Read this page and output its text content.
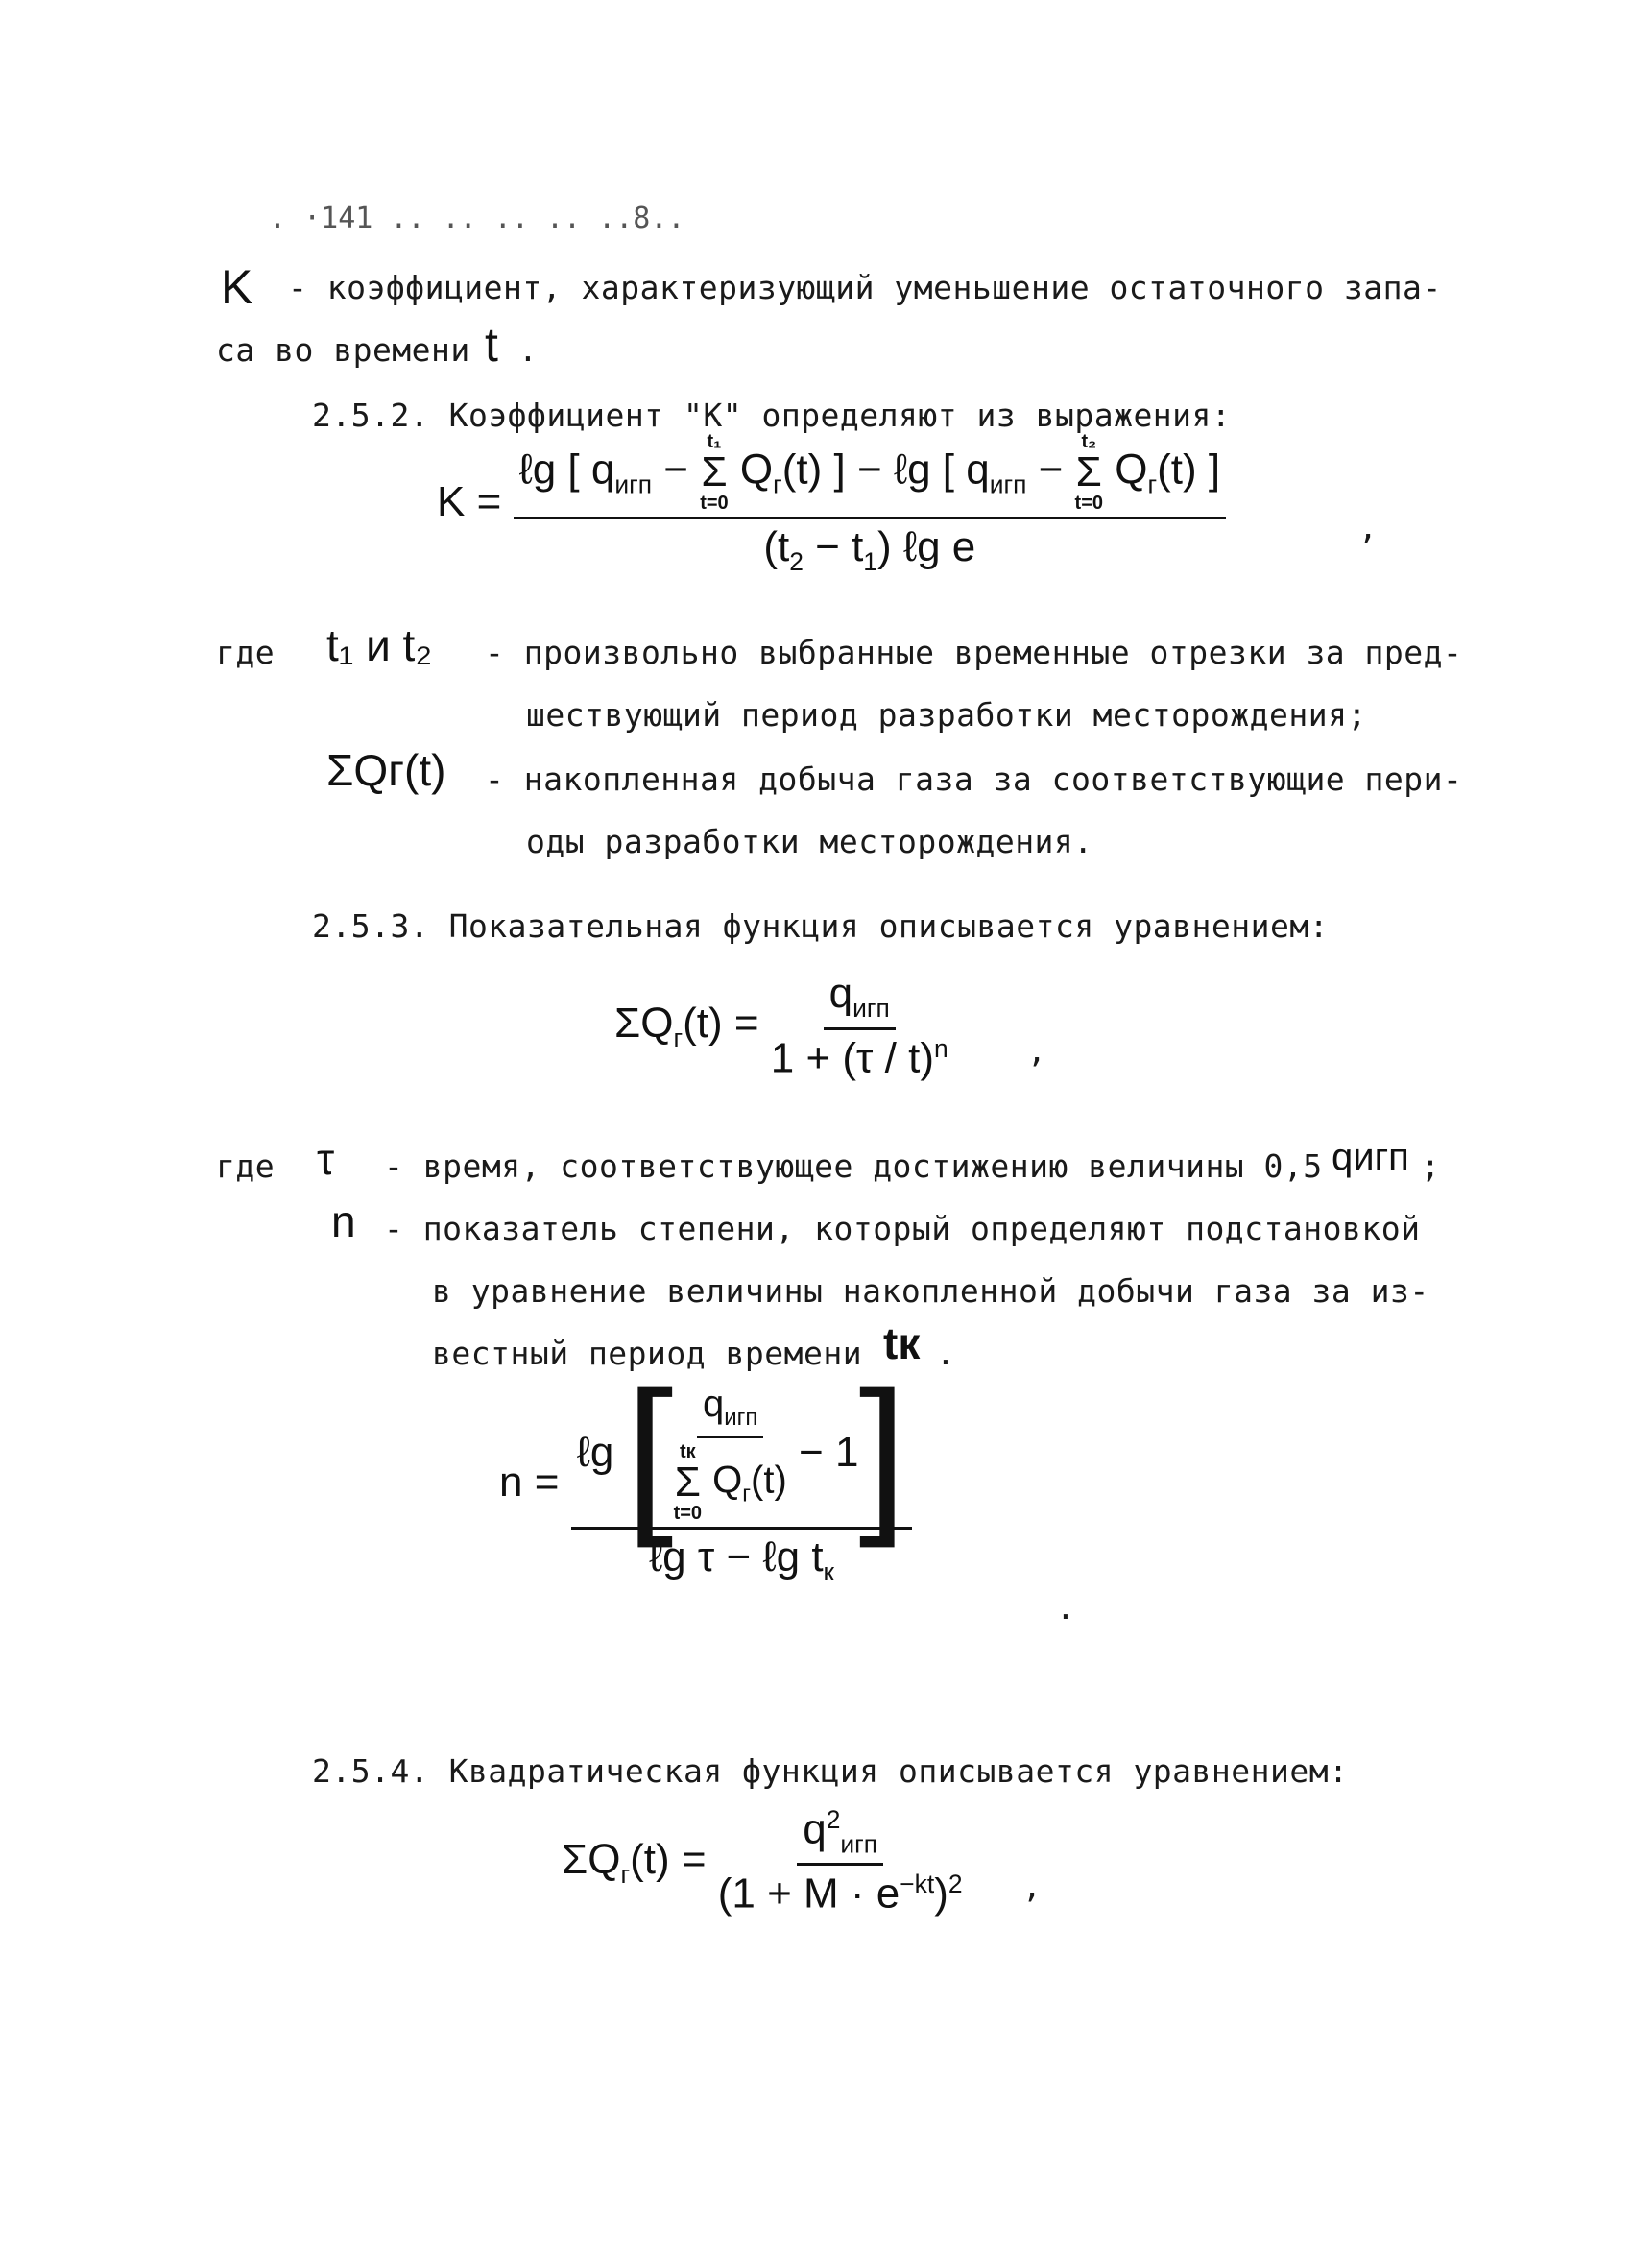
. ·141 .. .. .. .. ..8..
K - коэффициент, характеризующий уменьшение остаточного запа-
са во времени t .
2.5.2. Коэффициент "К" определяют из выражения:
K =
ℓg [ $q_{игп}$ −
t₁
Σ
t=0
$Q_г(t)$ ] − ℓg [ $q_{игп}$ −
t₂
Σ
t=0
$Q_г(t)$ ]
$(t_2 - t_1)$ ℓg e	,
где t₁ и t₂ - произвольно выбранные временные отрезки за пред-
шествующий период разработки месторождения;
ΣQг(t) - накопленная добыча газа за соответствующие пери-
оды разработки месторождения.
2.5.3. Показательная функция описывается уравнением:
$\Sigma Q_г(t) = \frac{q_{игп}}{1 + (\tau / t)^n}$ ,
где τ - время, соответствующее достижению величины 0,5 qигп ;
n - показатель степени, который определяют подстановкой
в уравнение величины накопленной добычи газа за из-
вестный период времени tк .
n =
ℓg [ $q_{игп}$
tк
Σ
t=0
$Q_г(t) - 1$ ]
ℓg τ − ℓg $t_к$
.
2.5.4. Квадратическая функция описывается уравнением:
$\Sigma Q_г(t) = \frac{q^2_{игп}}{(1 + M \cdot e^{-kt})^2}$ ,
